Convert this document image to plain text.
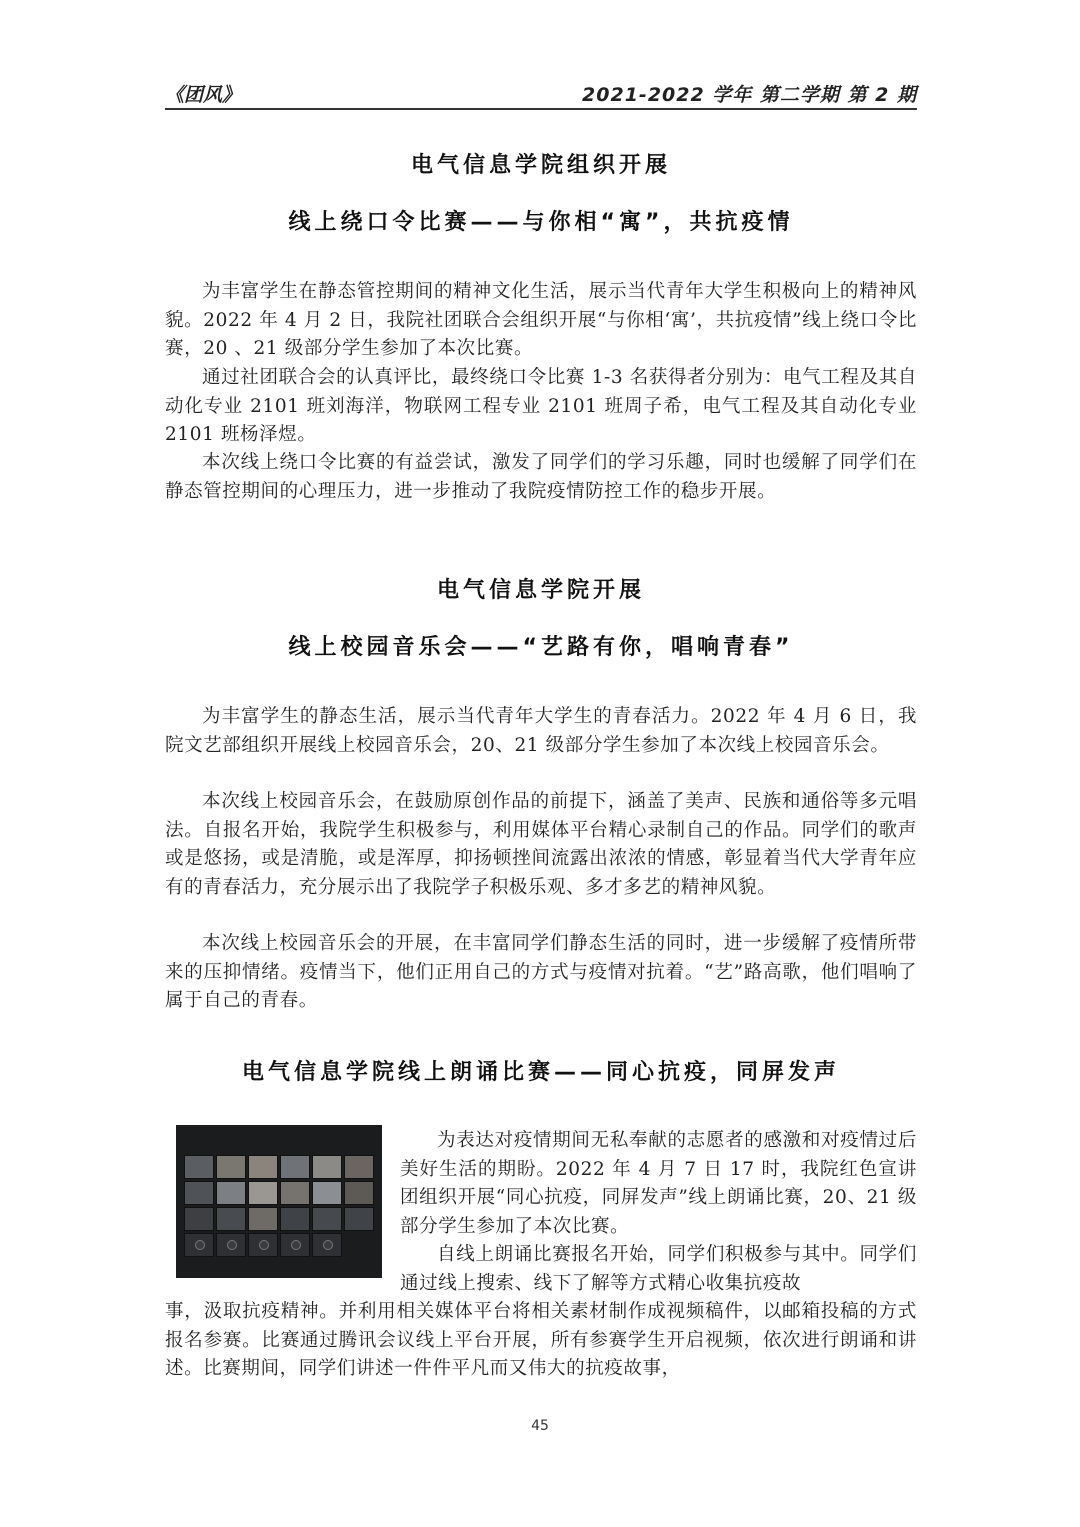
《团风》	2021-2022 学年 第二学期 第 2 期
电气信息学院组织开展
线上绕口令比赛——与你相“寓”，共抗疫情

为丰富学生在静态管控期间的精神文化生活，展示当代青年大学生积极向上的精神风貌。2022 年 4 月 2 日，我院社团联合会组织开展“与你相‘寓’，共抗疫情”线上绕口令比赛，20 、21 级部分学生参加了本次比赛。

通过社团联合会的认真评比，最终绕口令比赛 1-3 名获得者分别为：电气工程及其自动化专业 2101 班刘海洋，物联网工程专业 2101 班周子希，电气工程及其自动化专业 2101 班杨泽煜。

本次线上绕口令比赛的有益尝试，激发了同学们的学习乐趣，同时也缓解了同学们在静态管控期间的心理压力，进一步推动了我院疫情防控工作的稳步开展。

电气信息学院开展
线上校园音乐会——“艺路有你，唱响青春”

为丰富学生的静态生活，展示当代青年大学生的青春活力。2022 年 4 月 6 日，我院文艺部组织开展线上校园音乐会，20、21 级部分学生参加了本次线上校园音乐会。

本次线上校园音乐会，在鼓励原创作品的前提下，涵盖了美声、民族和通俗等多元唱法。自报名开始，我院学生积极参与，利用媒体平台精心录制自己的作品。同学们的歌声或是悠扬，或是清脆，或是浑厚，抑扬顿挫间流露出浓浓的情感，彰显着当代大学青年应有的青春活力，充分展示出了我院学子积极乐观、多才多艺的精神风貌。

本次线上校园音乐会的开展，在丰富同学们静态生活的同时，进一步缓解了疫情所带来的压抑情绪。疫情当下，他们正用自己的方式与疫情对抗着。“艺”路高歌，他们唱响了属于自己的青春。

电气信息学院线上朗诵比赛——同心抗疫，同屏发声

为表达对疫情期间无私奉献的志愿者的感激和对疫情过后美好生活的期盼。2022 年 4 月 7 日 17 时，我院红色宣讲团组织开展“同心抗疫，同屏发声”线上朗诵比赛，20、21 级部分学生参加了本次比赛。

自线上朗诵比赛报名开始，同学们积极参与其中。同学们通过线上搜索、线下了解等方式精心收集抗疫故

事，汲取抗疫精神。并利用相关媒体平台将相关素材制作成视频稿件，以邮箱投稿的方式报名参赛。比赛通过腾讯会议线上平台开展，所有参赛学生开启视频，依次进行朗诵和讲述。比赛期间，同学们讲述一件件平凡而又伟大的抗疫故事，

45
